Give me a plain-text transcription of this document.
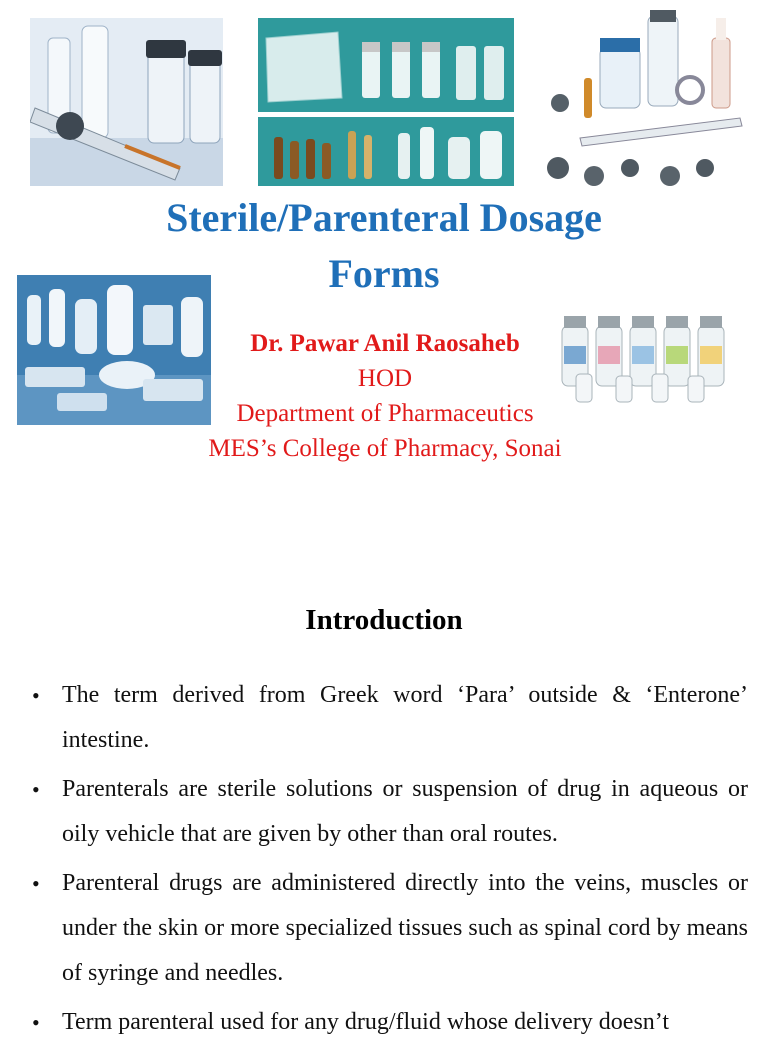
Sterile/Parenteral Dosage
Forms
Dr. Pawar Anil Raosaheb
HOD
Department of Pharmaceutics
MES’s College of Pharmacy, Sonai
Introduction
• The term derived from Greek word ‘Para’ outside & ‘Enterone’ intestine.
• Parenterals are sterile solutions or suspension of drug in aqueous or oily vehicle that are given by other than oral routes.
• Parenteral drugs are administered directly into the veins, muscles or under the skin or more specialized tissues such as spinal cord by means of syringe and needles.
• Term parenteral used for any drug/fluid whose delivery doesn’t
